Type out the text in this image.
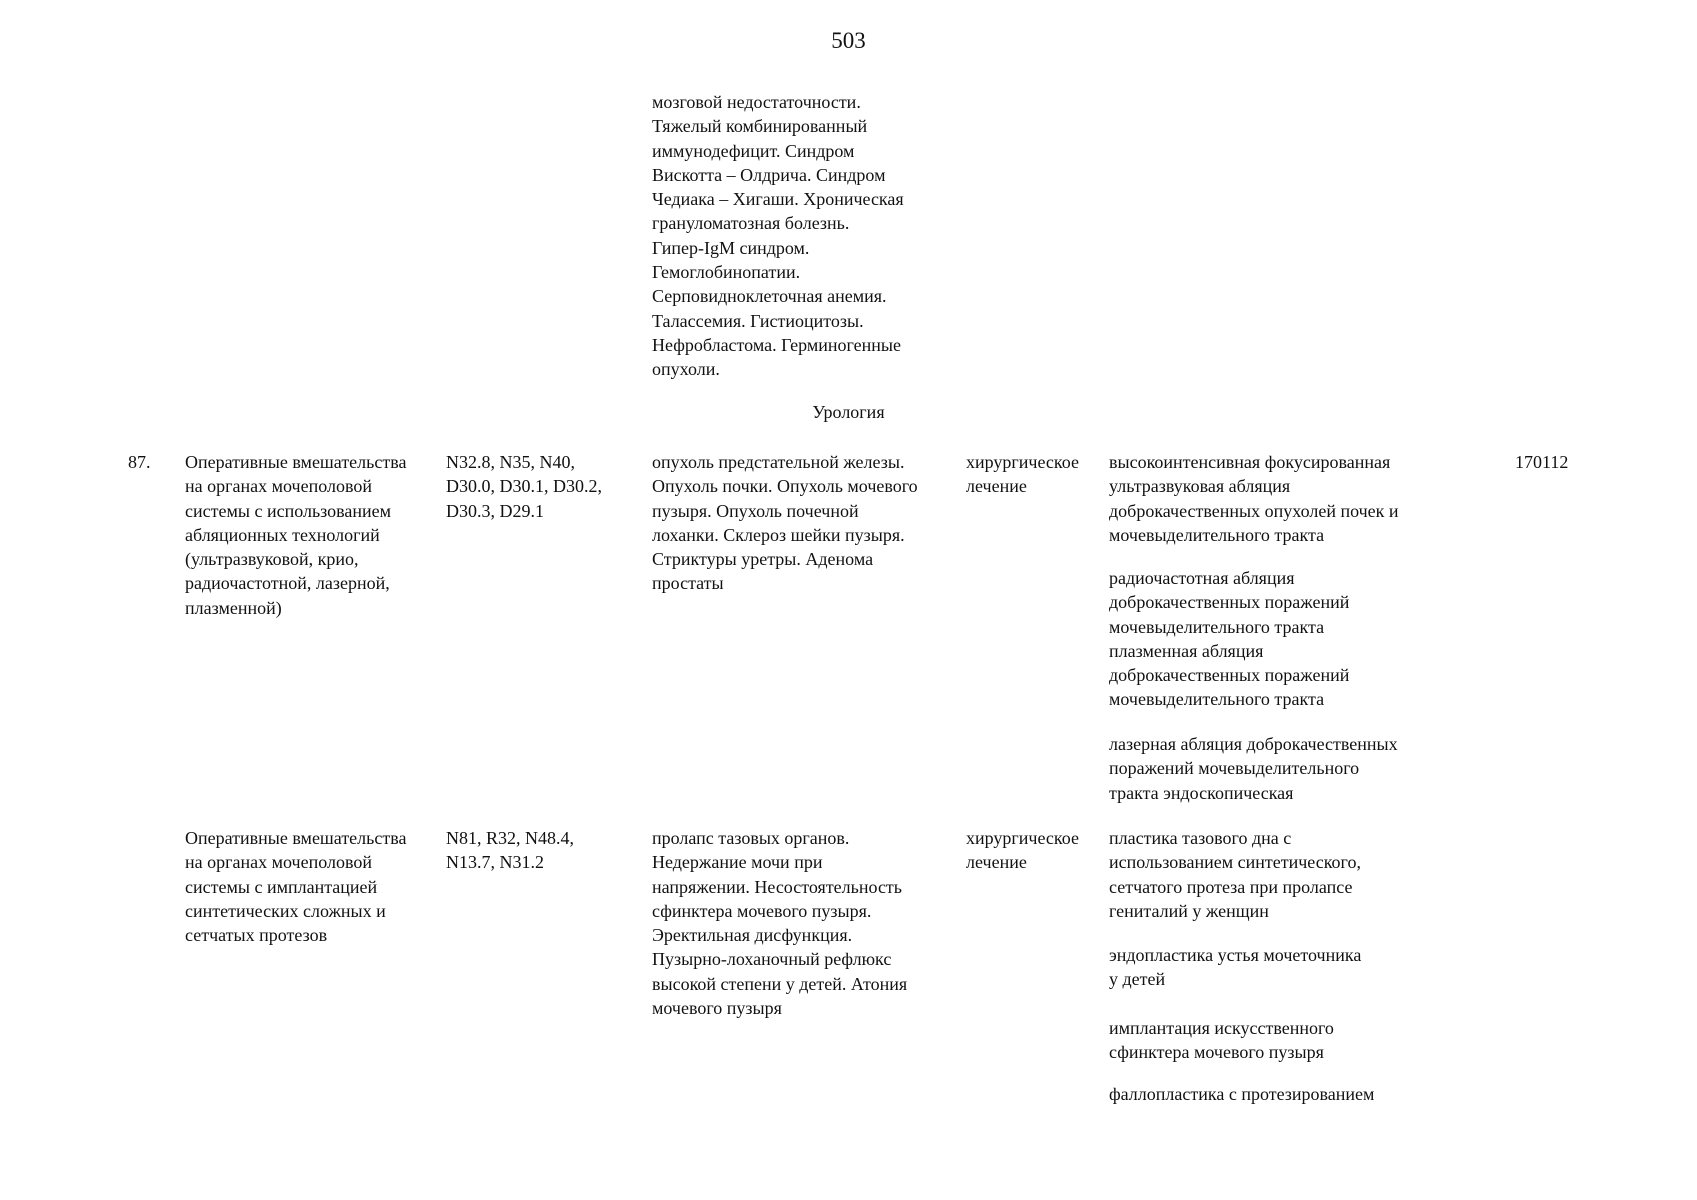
503
мозговой недостаточности.
Тяжелый комбинированный
иммунодефицит. Синдром
Вискотта – Олдрича. Синдром
Чедиака – Хигаши. Хроническая
грануломатозная болезнь.
Гипер-IgM синдром.
Гемоглобинопатии.
Серповидноклеточная анемия.
Талассемия. Гистиоцитозы.
Нефробластома. Герминогенные
опухоли.
Урология
87. Оперативные вмешательства
на органах мочеполовой
системы с использованием
абляционных технологий
(ультразвуковой, крио,
радиочастотной, лазерной,
плазменной)
N32.8, N35, N40,
D30.0, D30.1, D30.2,
D30.3, D29.1
опухоль предстательной железы.
Опухоль почки. Опухоль мочевого
пузыря. Опухоль почечной
лоханки. Склероз шейки пузыря.
Стриктуры уретры. Аденома
простаты
хирургическое
лечение
высокоинтенсивная фокусированная
ультразвуковая абляция
доброкачественных опухолей почек и
мочевыделительного тракта
радиочастотная абляция
доброкачественных поражений
мочевыделительного тракта
плазменная абляция
доброкачественных поражений
мочевыделительного тракта
лазерная абляция доброкачественных
поражений мочевыделительного
тракта эндоскопическая
170112
Оперативные вмешательства
на органах мочеполовой
системы с имплантацией
синтетических сложных и
сетчатых протезов
N81, R32, N48.4,
N13.7, N31.2
пролапс тазовых органов.
Недержание мочи при
напряжении. Несостоятельность
сфинктера мочевого пузыря.
Эректильная дисфункция.
Пузырно-лоханочный рефлюкс
высокой степени у детей. Атония
мочевого пузыря
хирургическое
лечение
пластика тазового дна с
использованием синтетического,
сетчатого протеза при пролапсе
гениталий у женщин
эндопластика устья мочеточника
у детей
имплантация искусственного
сфинктера мочевого пузыря
фаллопластика с протезированием
